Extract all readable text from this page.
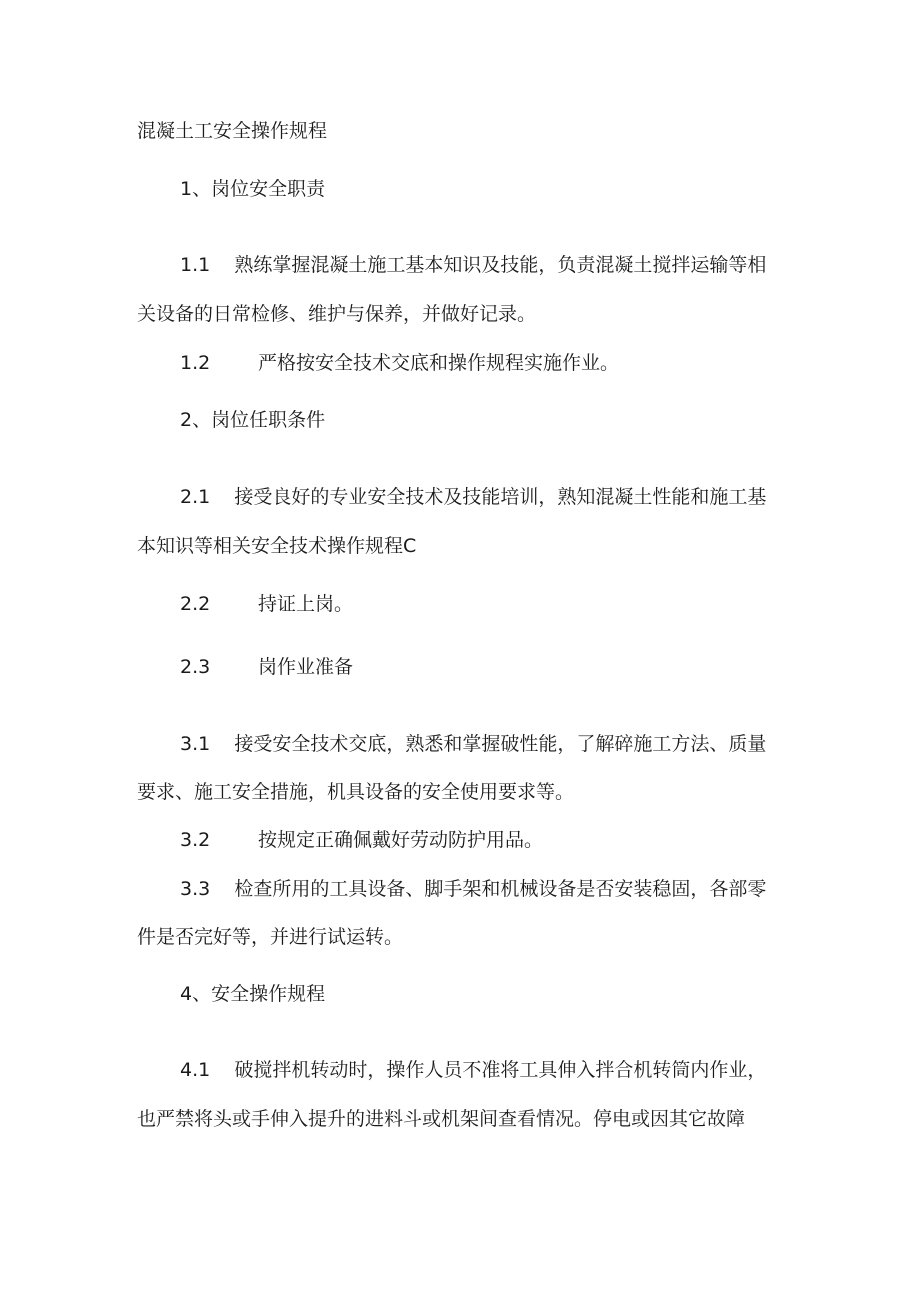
混凝土工安全操作规程
1、岗位安全职责
1.1 熟练掌握混凝土施工基本知识及技能，负责混凝土搅拌运输等相
关设备的日常检修、维护与保养，并做好记录。
1.2	严格按安全技术交底和操作规程实施作业。
2、岗位任职条件
2.1 接受良好的专业安全技术及技能培训，熟知混凝土性能和施工基
本知识等相关安全技术操作规程C
2.2	持证上岗。
2.3	岗作业准备
3.1 接受安全技术交底，熟悉和掌握破性能，了解碎施工方法、质量
要求、施工安全措施，机具设备的安全使用要求等。
3.2	按规定正确佩戴好劳动防护用品。
3.3 检查所用的工具设备、脚手架和机械设备是否安装稳固，各部零
件是否完好等，并进行试运转。
4、安全操作规程
4.1 破搅拌机转动时，操作人员不准将工具伸入拌合机转筒内作业，
也严禁将头或手伸入提升的进料斗或机架间查看情况。停电或因其它故障
